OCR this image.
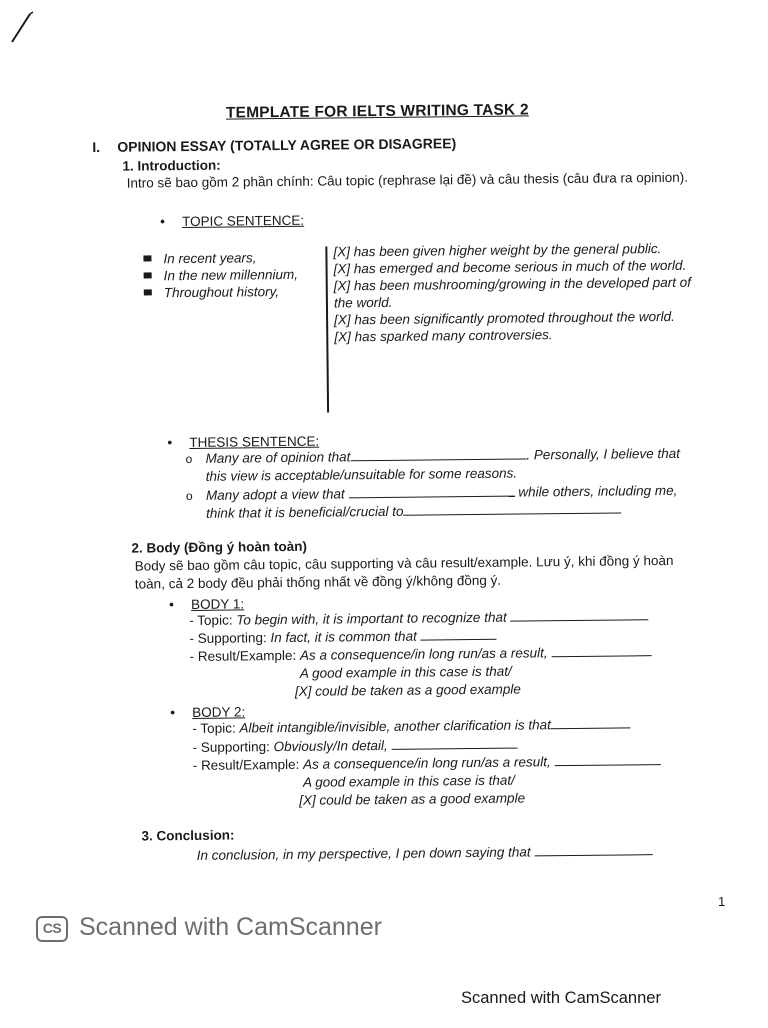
TEMPLATE FOR IELTS WRITING TASK 2
I. OPINION ESSAY (TOTALLY AGREE OR DISAGREE)
1. Introduction:
Intro sẽ bao gồm 2 phần chính: Câu topic (rephrase lại đề) và câu thesis (câu đưa ra opinion).
• TOPIC SENTENCE:
In recent years,
In the new millennium,
Throughout history,
[X] has been given higher weight by the general public.
[X] has emerged and become serious in much of the world.
[X] has been mushrooming/growing in the developed part of the world.
[X] has been significantly promoted throughout the world.
[X] has sparked many controversies.
• THESIS SENTENCE:
o Many are of opinion that	. Personally, I believe that
this view is acceptable/unsuitable for some reasons.
o Many adopt a view that	while others, including me,
think that it is beneficial/crucial to
2. Body (Đồng ý hoàn toàn)
Body sẽ bao gồm câu topic, câu supporting và câu result/example. Lưu ý, khi đồng ý hoàn toàn, cả 2 body đều phải thống nhất về đồng ý/không đồng ý.
• BODY 1:
- Topic: To begin with, it is important to recognize that
- Supporting: In fact, it is common that
- Result/Example: As a consequence/in long run/as a result,
A good example in this case is that/
[X] could be taken as a good example
• BODY 2:
- Topic: Albeit intangible/invisible, another clarification is that
- Supporting: Obviously/In detail,
- Result/Example: As a consequence/in long run/as a result,
A good example in this case is that/
[X] could be taken as a good example
3. Conclusion:
In conclusion, in my perspective, I pen down saying that
1
CS Scanned with CamScanner
Scanned with CamScanner
